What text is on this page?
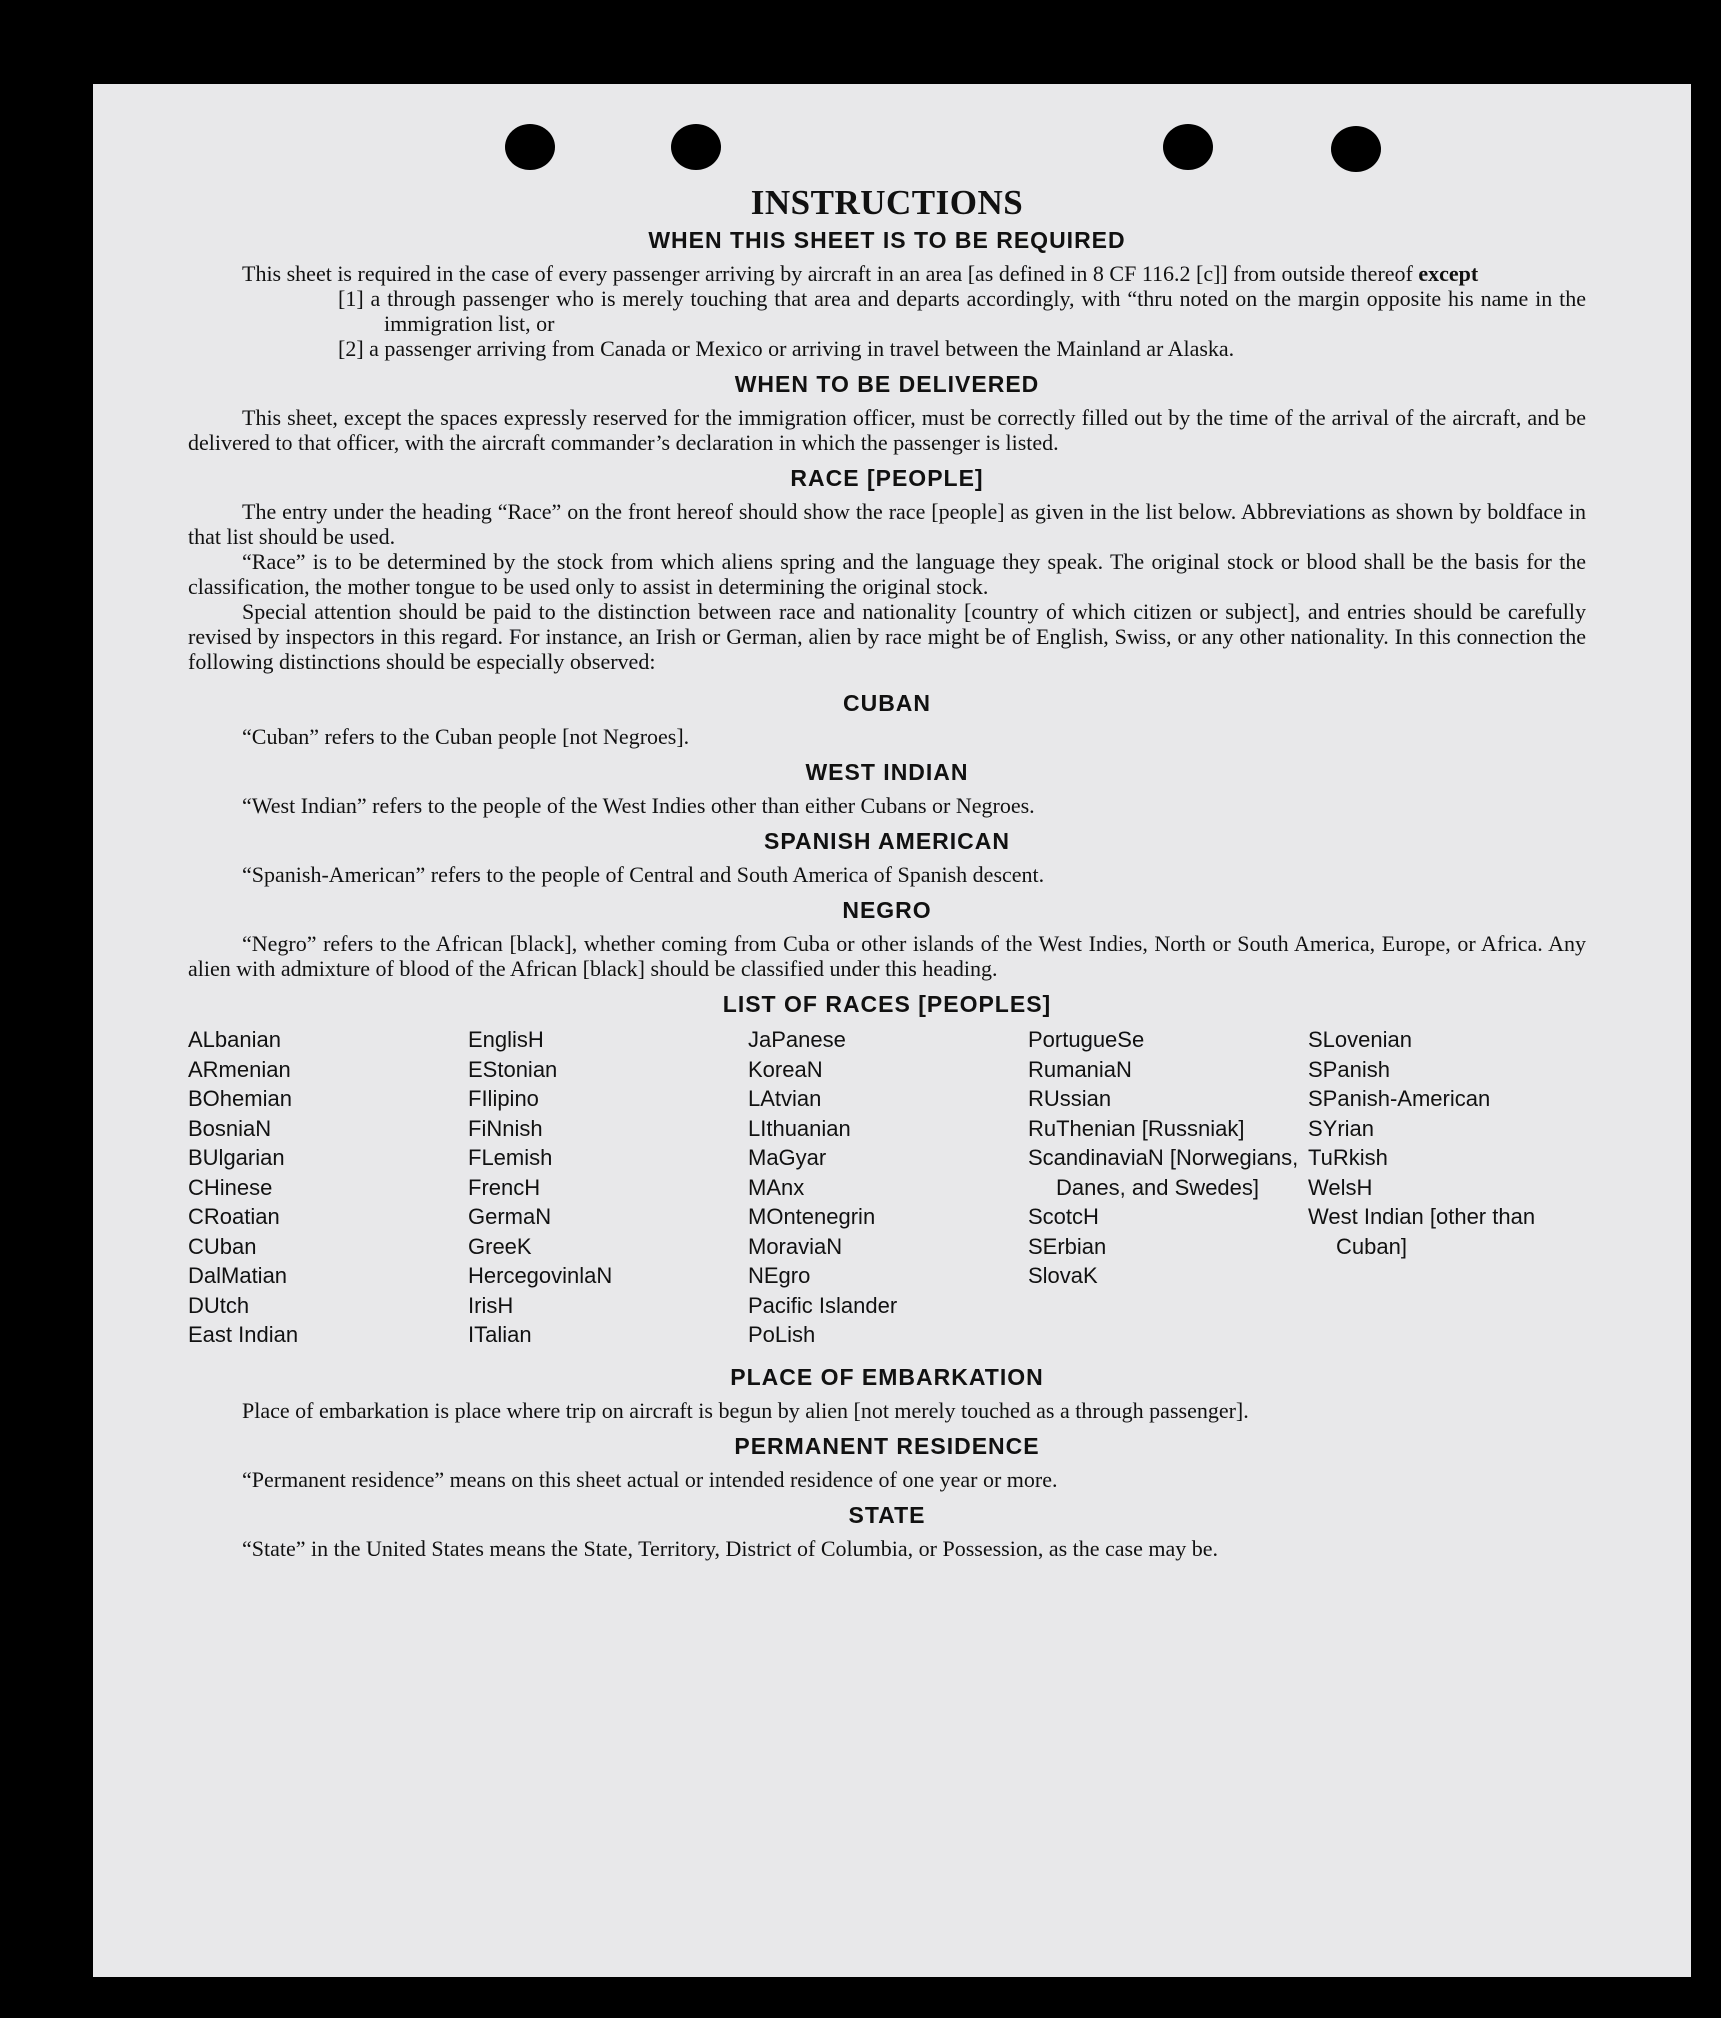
INSTRUCTIONS
WHEN THIS SHEET IS TO BE REQUIRED

This sheet is required in the case of every passenger arriving by aircraft in an area [as defined in 8 CF 116.2 [c]] from outside thereof except

[1] a through passenger who is merely touching that area and departs accordingly, with “thru noted on the margin opposite his name in the immigration list, or

[2] a passenger arriving from Canada or Mexico or arriving in travel between the Mainland ar Alaska.

WHEN TO BE DELIVERED

This sheet, except the spaces expressly reserved for the immigration officer, must be correctly filled out by the time of the arrival of the aircraft, and be delivered to that officer, with the aircraft commander’s declaration in which the passenger is listed.

RACE [PEOPLE]

The entry under the heading “Race” on the front hereof should show the race [people] as given in the list below. Abbreviations as shown by boldface in that list should be used.

“Race” is to be determined by the stock from which aliens spring and the language they speak. The original stock or blood shall be the basis for the classification, the mother tongue to be used only to assist in determining the original stock.

Special attention should be paid to the distinction between race and nationality [country of which citizen or subject], and entries should be carefully revised by inspectors in this regard. For instance, an Irish or German, alien by race might be of English, Swiss, or any other nationality. In this connection the following distinctions should be especially observed:

CUBAN

“Cuban” refers to the Cuban people [not Negroes].

WEST INDIAN

“West Indian” refers to the people of the West Indies other than either Cubans or Negroes.

SPANISH AMERICAN

“Spanish-American” refers to the people of Central and South America of Spanish descent.

NEGRO

“Negro” refers to the African [black], whether coming from Cuba or other islands of the West Indies, North or South America, Europe, or Africa. Any alien with admixture of blood of the African [black] should be classified under this heading.

LIST OF RACES [PEOPLES]
ALbanian
ARmenian
BOhemian
BosniaN
BUlgarian
CHinese
CRoatian
CUban
DalMatian
DUtch
East Indian
EnglisH
EStonian
FIlipino
FiNnish
FLemish
FrencH
GermaN
GreeK
HercegovinlaN
IrisH
ITalian
JaPanese
KoreaN
LAtvian
LIthuanian
MaGyar
MAnx
MOntenegrin
MoraviaN
NEgro
Pacific Islander
PoLish
PortugueSe
RumaniaN
RUssian
RuThenian [Russniak]
ScandinaviaN [Norwegians, Danes, and Swedes]
ScotcH
SErbian
SlovaK
SLovenian
SPanish
SPanish-American
SYrian
TuRkish
WelsH
West Indian [other than Cuban]
PLACE OF EMBARKATION

Place of embarkation is place where trip on aircraft is begun by alien [not merely touched as a through passenger].

PERMANENT RESIDENCE

“Permanent residence” means on this sheet actual or intended residence of one year or more.

STATE

“State” in the United States means the State, Territory, District of Columbia, or Possession, as the case may be.
